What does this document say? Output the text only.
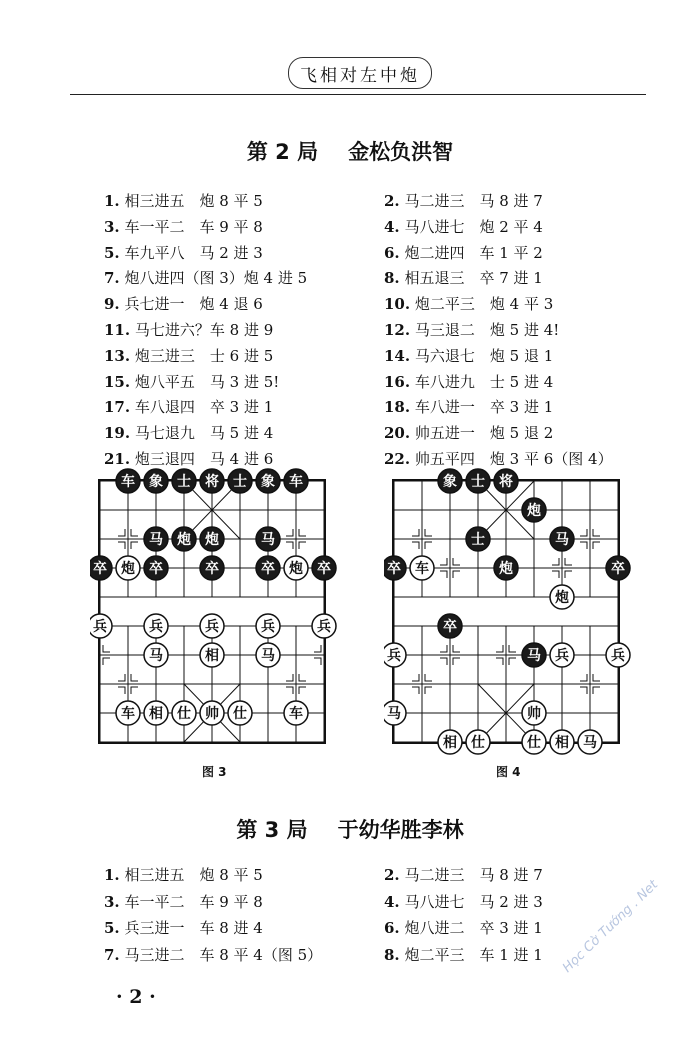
飞相对左中炮
第 2 局 金松负洪智
1. 相三进五　炮 8 平 5
3. 车一平二　车 9 平 8
5. 车九平八　马 2 进 3
7. 炮八进四（图 3）炮 4 进 5
9. 兵七进一　炮 4 退 6
11. 马七进六？车 8 进 9
13. 炮三进三　士 6 进 5
15. 炮八平五　马 3 进 5!
17. 车八退四　卒 3 进 1
19. 马七退九　马 5 进 4
21. 炮三退四　马 4 进 6
2. 马二进三　马 8 进 7
4. 马八进七　炮 2 平 4
6. 炮二进四　车 1 平 2
8. 相五退三　卒 7 进 1
10. 炮二平三　炮 4 平 3
12. 马三退二　炮 5 进 4!
14. 马六退七　炮 5 退 1
16. 车八进九　士 5 进 4
18. 车八进一　卒 3 进 1
20. 帅五进一　炮 5 退 2
22. 帅五平四　炮 3 平 6（图 4）
车 象 士 将 士 象 车
马 炮 炮	马
卒 炮 卒	卒	卒 炮 卒
兵	兵	兵	兵	兵
马	相	马
车 相 仕 帅 仕	车
图 3
象 士 将
炮
士	马
卒 车	炮	卒
炮
卒
兵	马 兵	兵
马	帅
相 仕	仕 相 马
图 4
第 3 局 于幼华胜李林
1. 相三进五　炮 8 平 5
3. 车一平二　车 9 平 8
5. 兵三进一　车 8 进 4
7. 马三进二　车 8 平 4（图 5）
2. 马二进三　马 8 进 7
4. 马八进七　马 2 进 3
6. 炮八进二　卒 3 进 1
8. 炮二平三　车 1 进 1
· 2 ·
Học Cờ Tướng . Net
